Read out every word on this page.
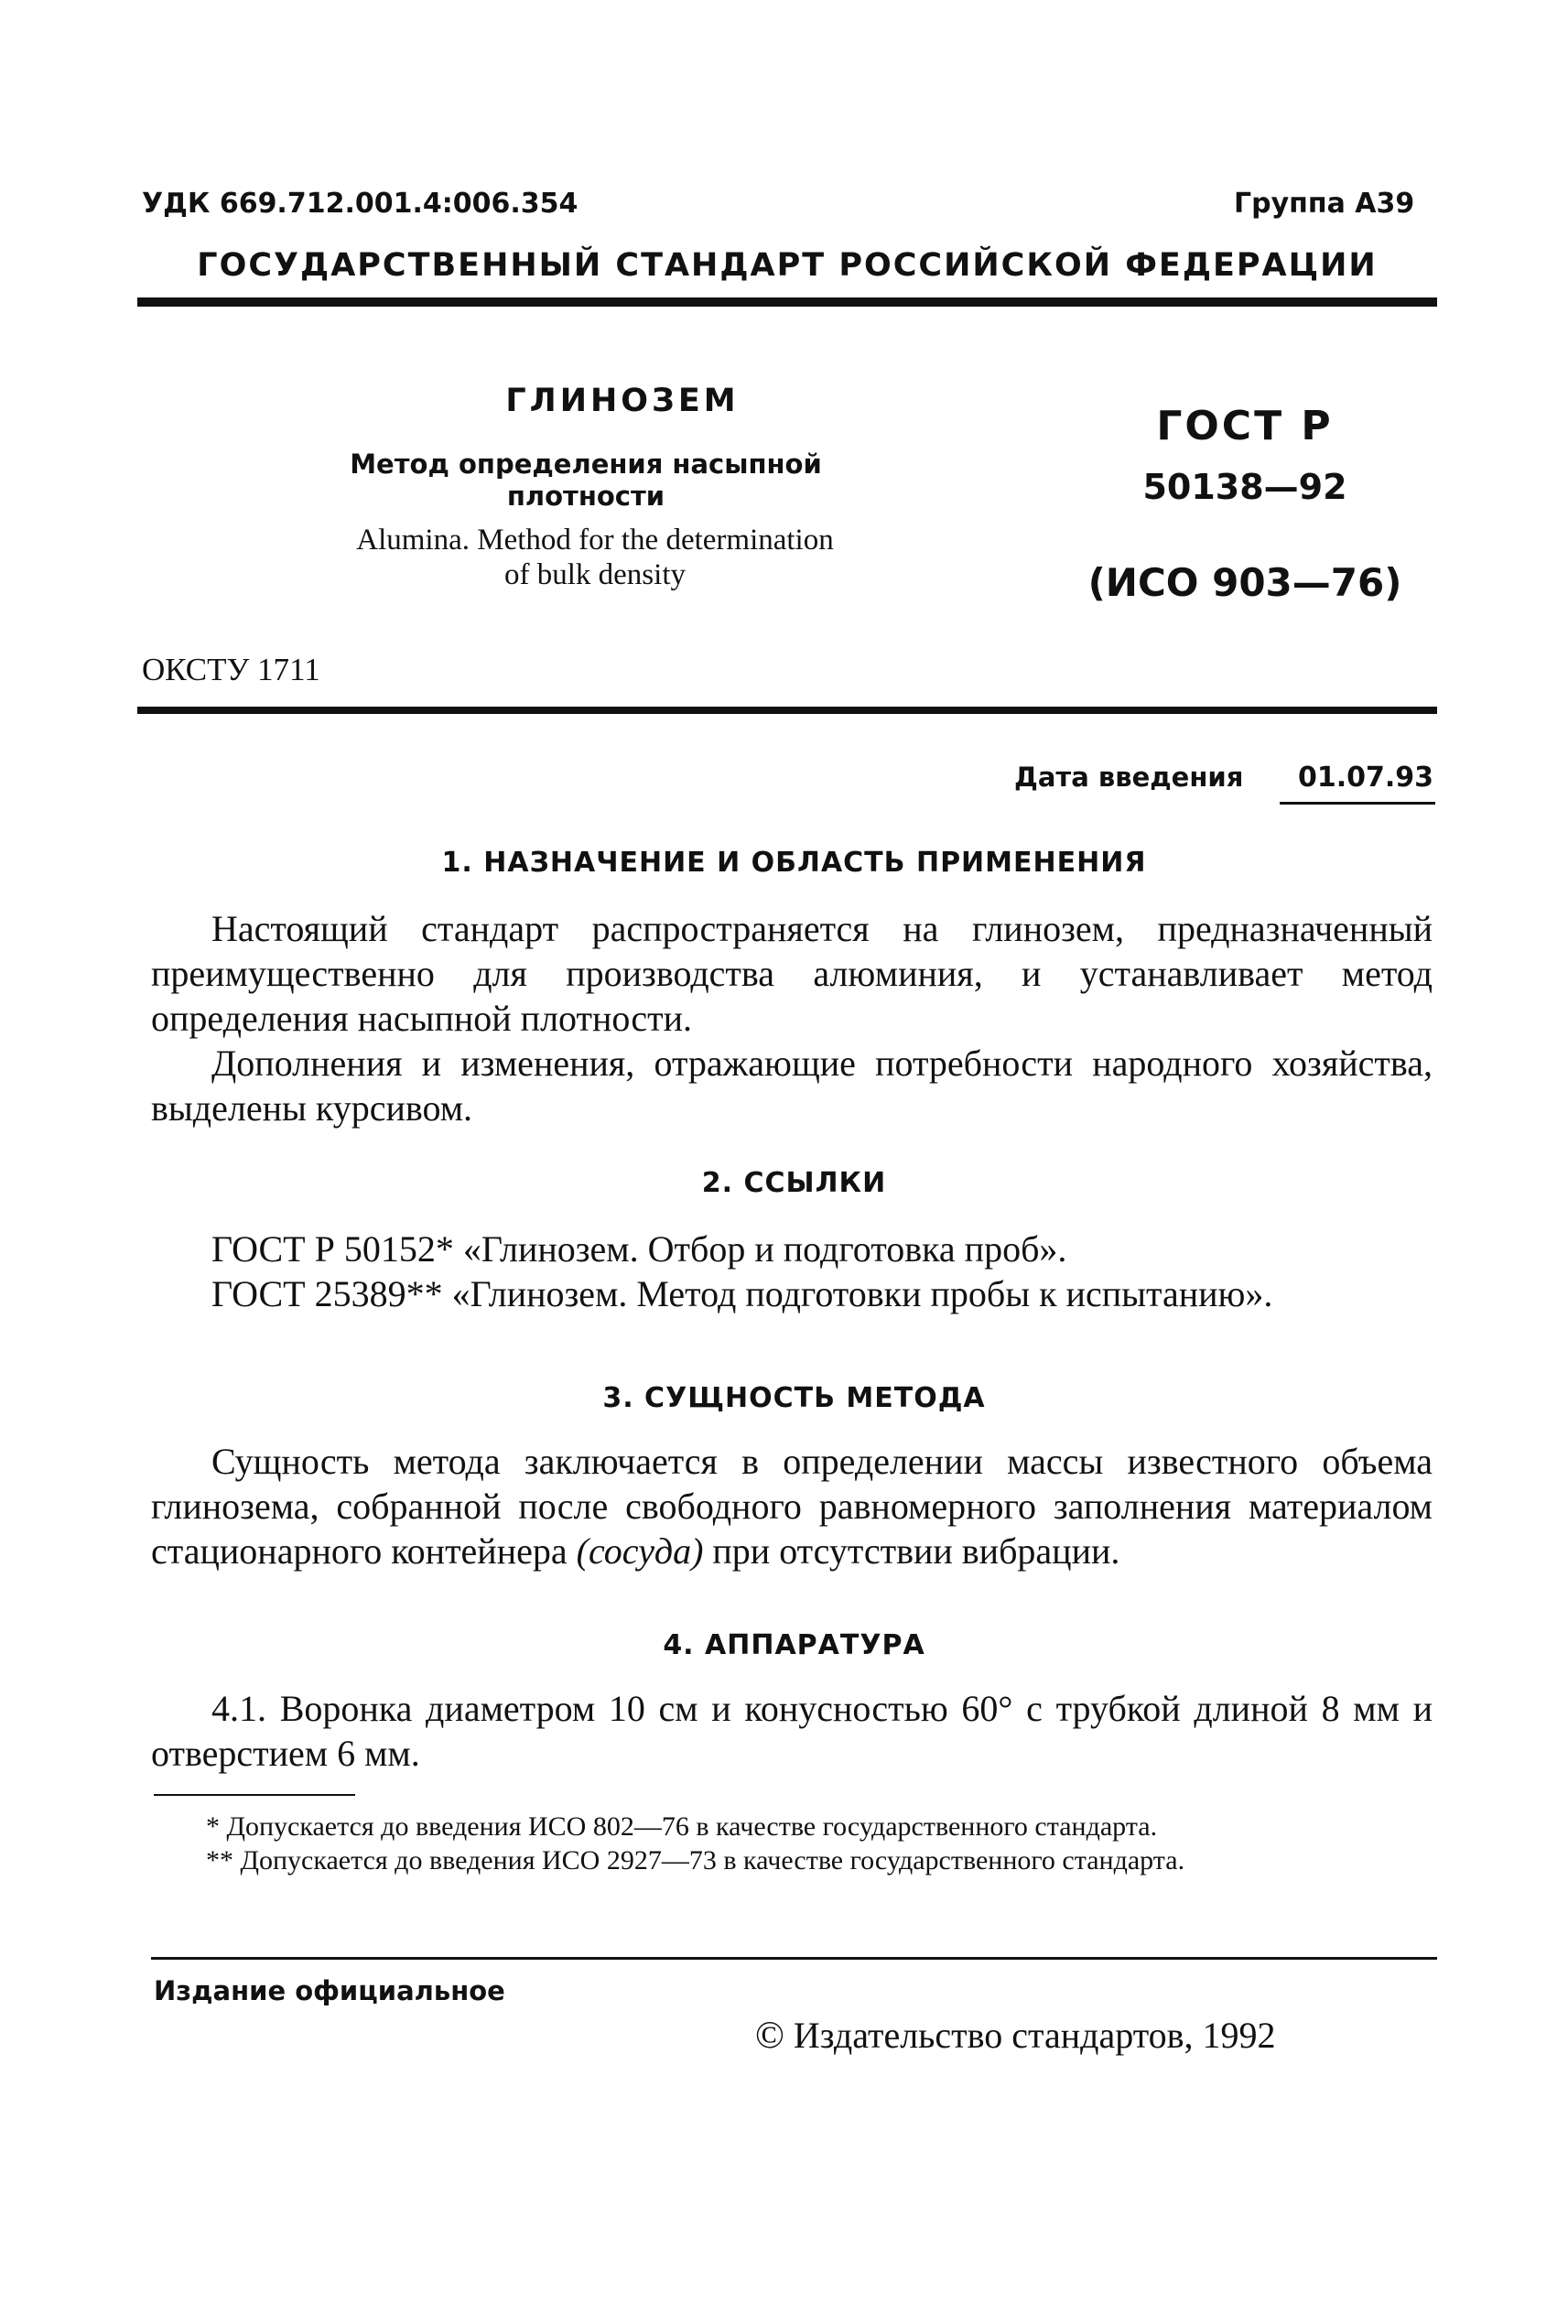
УДК 669.712.001.4:006.354	Группа А39
ГОСУДАРСТВЕННЫЙ СТАНДАРТ РОССИЙСКОЙ ФЕДЕРАЦИИ
ГЛИНОЗЕМ
Метод определения насыпной
плотности
Alumina. Method for the determination
of bulk density
ГОСТ Р
50138—92
(ИСО 903—76)
ОКСТУ 1711
Дата введения 01.07.93
1. НАЗНАЧЕНИЕ И ОБЛАСТЬ ПРИМЕНЕНИЯ

Настоящий стандарт распространяется на глинозем, предназначенный преимущественно для производства алюминия, и устанавливает метод определения насыпной плотности.

Дополнения и изменения, отражающие потребности народного хозяйства, выделены курсивом.

2. ССЫЛКИ

ГОСТ Р 50152* «Глинозем. Отбор и подготовка проб».

ГОСТ 25389** «Глинозем. Метод подготовки пробы к испытанию».

3. СУЩНОСТЬ МЕТОДА

Сущность метода заключается в определении массы известного объема глинозема, собранной после свободного равномерного заполнения материалом стационарного контейнера (сосуда) при отсутствии вибрации.

4. АППАРАТУРА

4.1. Воронка диаметром 10 см и конусностью 60° с трубкой длиной 8 мм и отверстием 6 мм.

* Допускается до введения ИСО 802—76 в качестве государственного стандарта.

** Допускается до введения ИСО 2927—73 в качестве государственного стандарта.

Издание официальное
© Издательство стандартов, 1992
